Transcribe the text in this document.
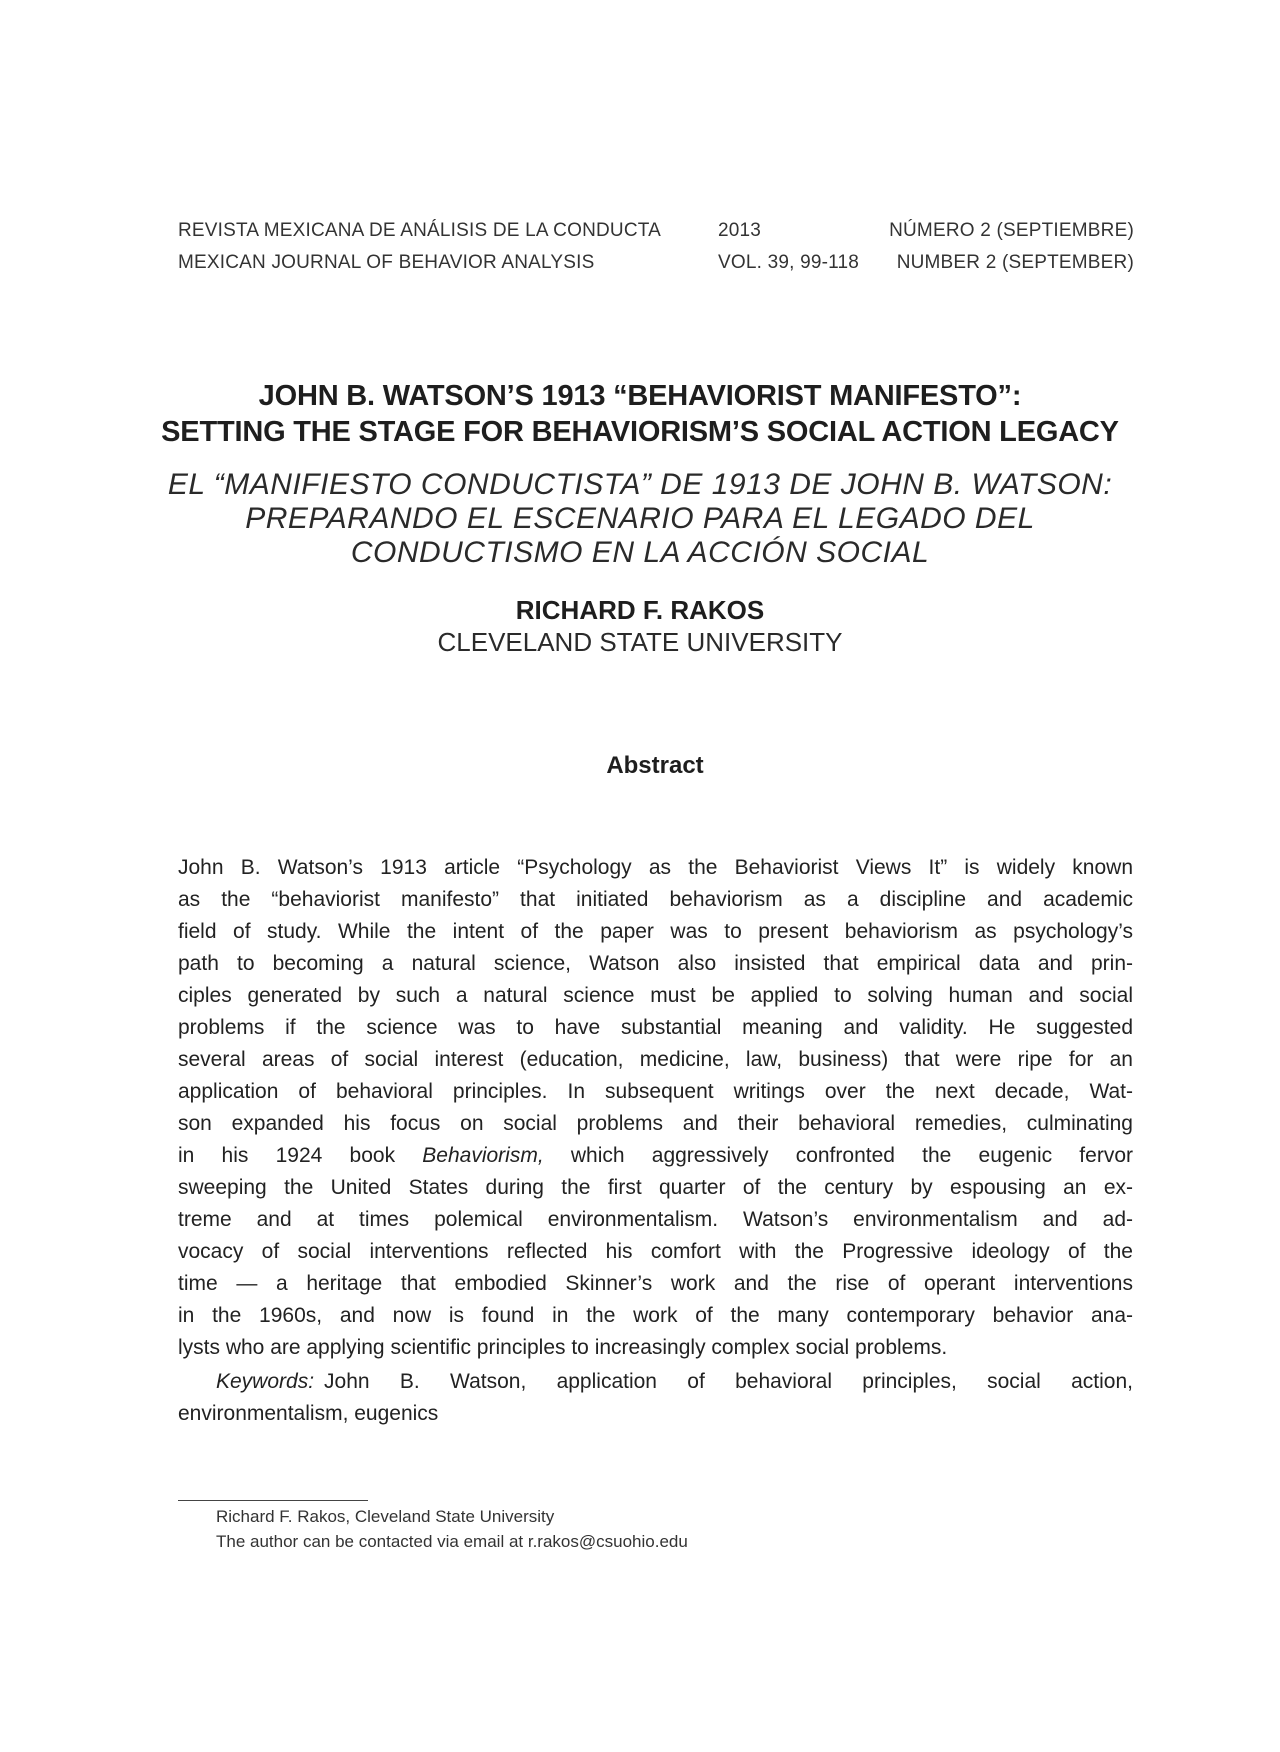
REVISTA MEXICANA DE ANÁLISIS DE LA CONDUCTA	2013	NÚMERO 2 (SEPTIEMBRE)
MEXICAN JOURNAL OF BEHAVIOR ANALYSIS	VOL. 39, 99-118	NUMBER 2 (SEPTEMBER)
JOHN B. WATSON’S 1913 “BEHAVIORIST MANIFESTO”:
SETTING THE STAGE FOR BEHAVIORISM’S SOCIAL ACTION LEGACY
EL “MANIFIESTO CONDUCTISTA” DE 1913 DE JOHN B. WATSON:
PREPARANDO EL ESCENARIO PARA EL LEGADO DEL
CONDUCTISMO EN LA ACCIÓN SOCIAL
RICHARD F. RAKOS
CLEVELAND STATE UNIVERSITY
Abstract
John B. Watson’s 1913 article “Psychology as the Behaviorist Views It” is widely known
as the “behaviorist manifesto” that initiated behaviorism as a discipline and academic
field of study. While the intent of the paper was to present behaviorism as psychology’s
path to becoming a natural science, Watson also insisted that empirical data and prin-
ciples generated by such a natural science must be applied to solving human and social
problems if the science was to have substantial meaning and validity. He suggested
several areas of social interest (education, medicine, law, business) that were ripe for an
application of behavioral principles. In subsequent writings over the next decade, Wat-
son expanded his focus on social problems and their behavioral remedies, culminating
in his 1924 book Behaviorism, which aggressively confronted the eugenic fervor
sweeping the United States during the first quarter of the century by espousing an ex-
treme and at times polemical environmentalism. Watson’s environmentalism and ad-
vocacy of social interventions reflected his comfort with the Progressive ideology of the
time — a heritage that embodied Skinner’s work and the rise of operant interventions
in the 1960s, and now is found in the work of the many contemporary behavior ana-
lysts who are applying scientific principles to increasingly complex social problems.
Keywords: John B. Watson, application of behavioral principles, social action,
environmentalism, eugenics
Richard F. Rakos, Cleveland State University
The author can be contacted via email at r.rakos@csuohio.edu
